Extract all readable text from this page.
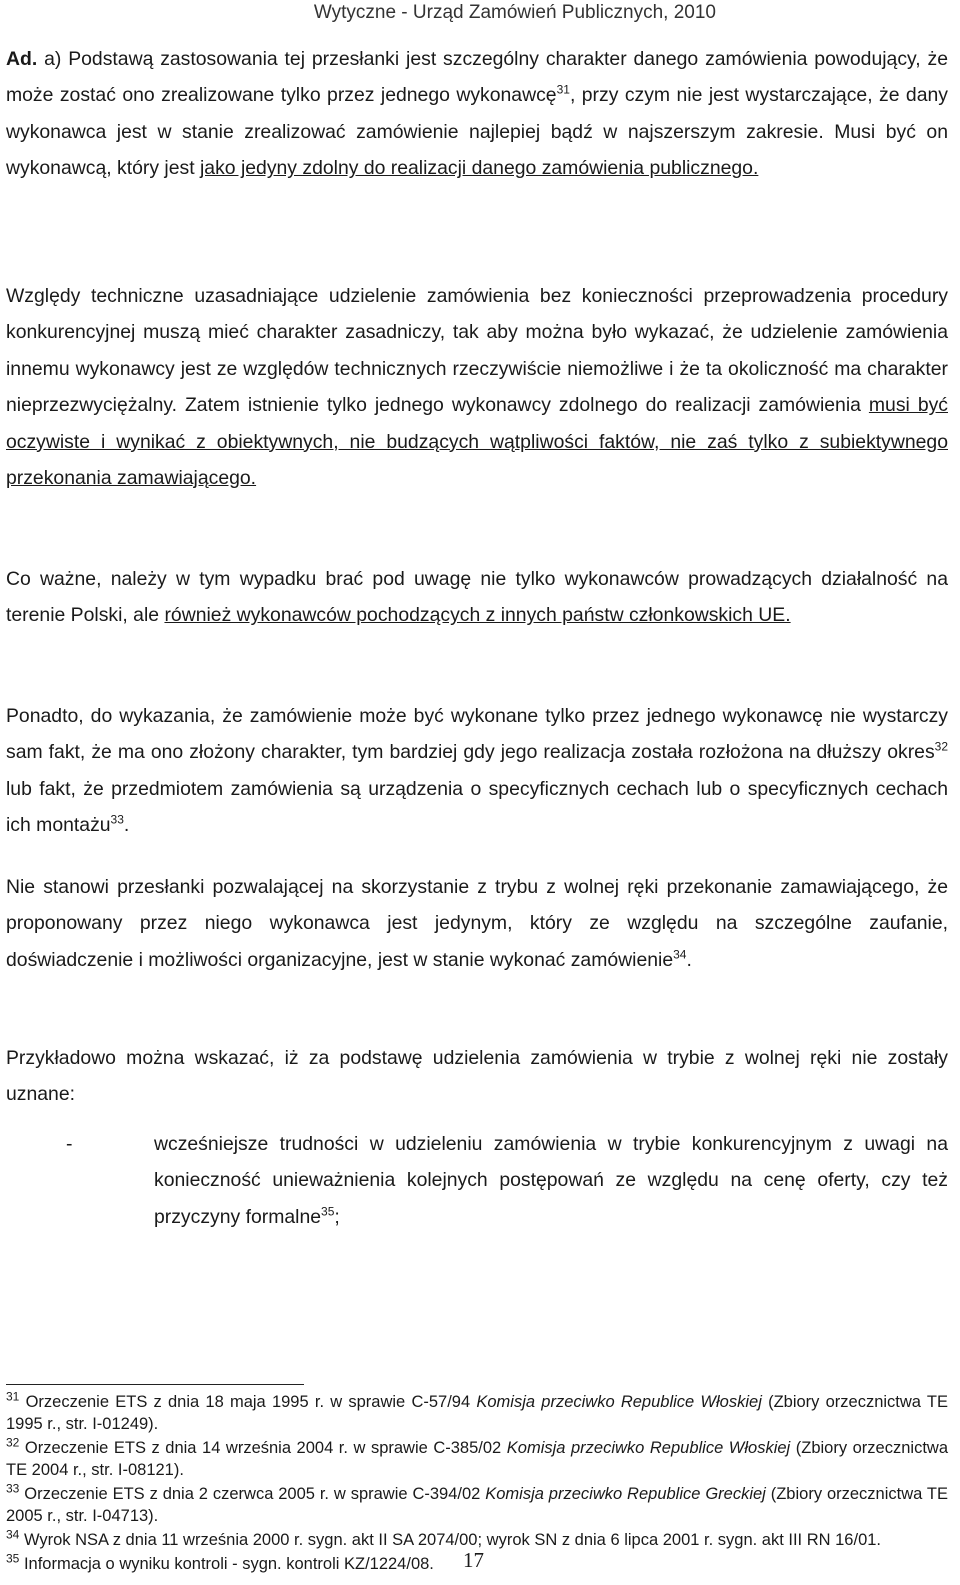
Wytyczne - Urząd Zamówień Publicznych, 2010

Ad. a) Podstawą zastosowania tej przesłanki jest szczególny charakter danego zamówienia powodujący, że może zostać ono zrealizowane tylko przez jednego wykonawcę$^{31}$, przy czym nie jest wystarczające, że dany wykonawca jest w stanie zrealizować zamówienie najlepiej bądź w najszerszym zakresie. Musi być on wykonawcą, który jest jako jedyny zdolny do realizacji danego zamówienia publicznego.

Względy techniczne uzasadniające udzielenie zamówienia bez konieczności przeprowadzenia procedury konkurencyjnej muszą mieć charakter zasadniczy, tak aby można było wykazać, że udzielenie zamówienia innemu wykonawcy jest ze względów technicznych rzeczywiście niemożliwe i że ta okoliczność ma charakter nieprzezwyciężalny. Zatem istnienie tylko jednego wykonawcy zdolnego do realizacji zamówienia musi być oczywiste i wynikać z obiektywnych, nie budzących wątpliwości faktów, nie zaś tylko z subiektywnego przekonania zamawiającego.

Co ważne, należy w tym wypadku brać pod uwagę nie tylko wykonawców prowadzących działalność na terenie Polski, ale również wykonawców pochodzących z innych państw członkowskich UE.

Ponadto, do wykazania, że zamówienie może być wykonane tylko przez jednego wykonawcę nie wystarczy sam fakt, że ma ono złożony charakter, tym bardziej gdy jego realizacja została rozłożona na dłuższy okres$^{32}$ lub fakt, że przedmiotem zamówienia są urządzenia o specyficznych cechach lub o specyficznych cechach ich montażu$^{33}$.

Nie stanowi przesłanki pozwalającej na skorzystanie z trybu z wolnej ręki przekonanie zamawiającego, że proponowany przez niego wykonawca jest jedynym, który ze względu na szczególne zaufanie, doświadczenie i możliwości organizacyjne, jest w stanie wykonać zamówienie$^{34}$.

Przykładowo można wskazać, iż za podstawę udzielenia zamówienia w trybie z wolnej ręki nie zostały uznane:

-	wcześniejsze trudności w udzieleniu zamówienia w trybie konkurencyjnym z uwagi na konieczność unieważnienia kolejnych postępowań ze względu na cenę oferty, czy też przyczyny formalne$^{35}$;

$^{31}$ Orzeczenie ETS z dnia 18 maja 1995 r. w sprawie C-57/94 Komisja przeciwko Republice Włoskiej (Zbiory orzecznictwa TE 1995 r., str. I-01249).

$^{32}$ Orzeczenie ETS z dnia 14 września 2004 r. w sprawie C-385/02 Komisja przeciwko Republice Włoskiej (Zbiory orzecznictwa TE 2004 r., str. I-08121).

$^{33}$ Orzeczenie ETS z dnia 2 czerwca 2005 r. w sprawie C-394/02 Komisja przeciwko Republice Greckiej (Zbiory orzecznictwa TE 2005 r., str. I-04713).

$^{34}$ Wyrok NSA z dnia 11 września 2000 r. sygn. akt II SA 2074/00; wyrok SN z dnia 6 lipca 2001 r. sygn. akt III RN 16/01.

$^{35}$ Informacja o wyniku kontroli - sygn. kontroli KZ/1224/08.	17
